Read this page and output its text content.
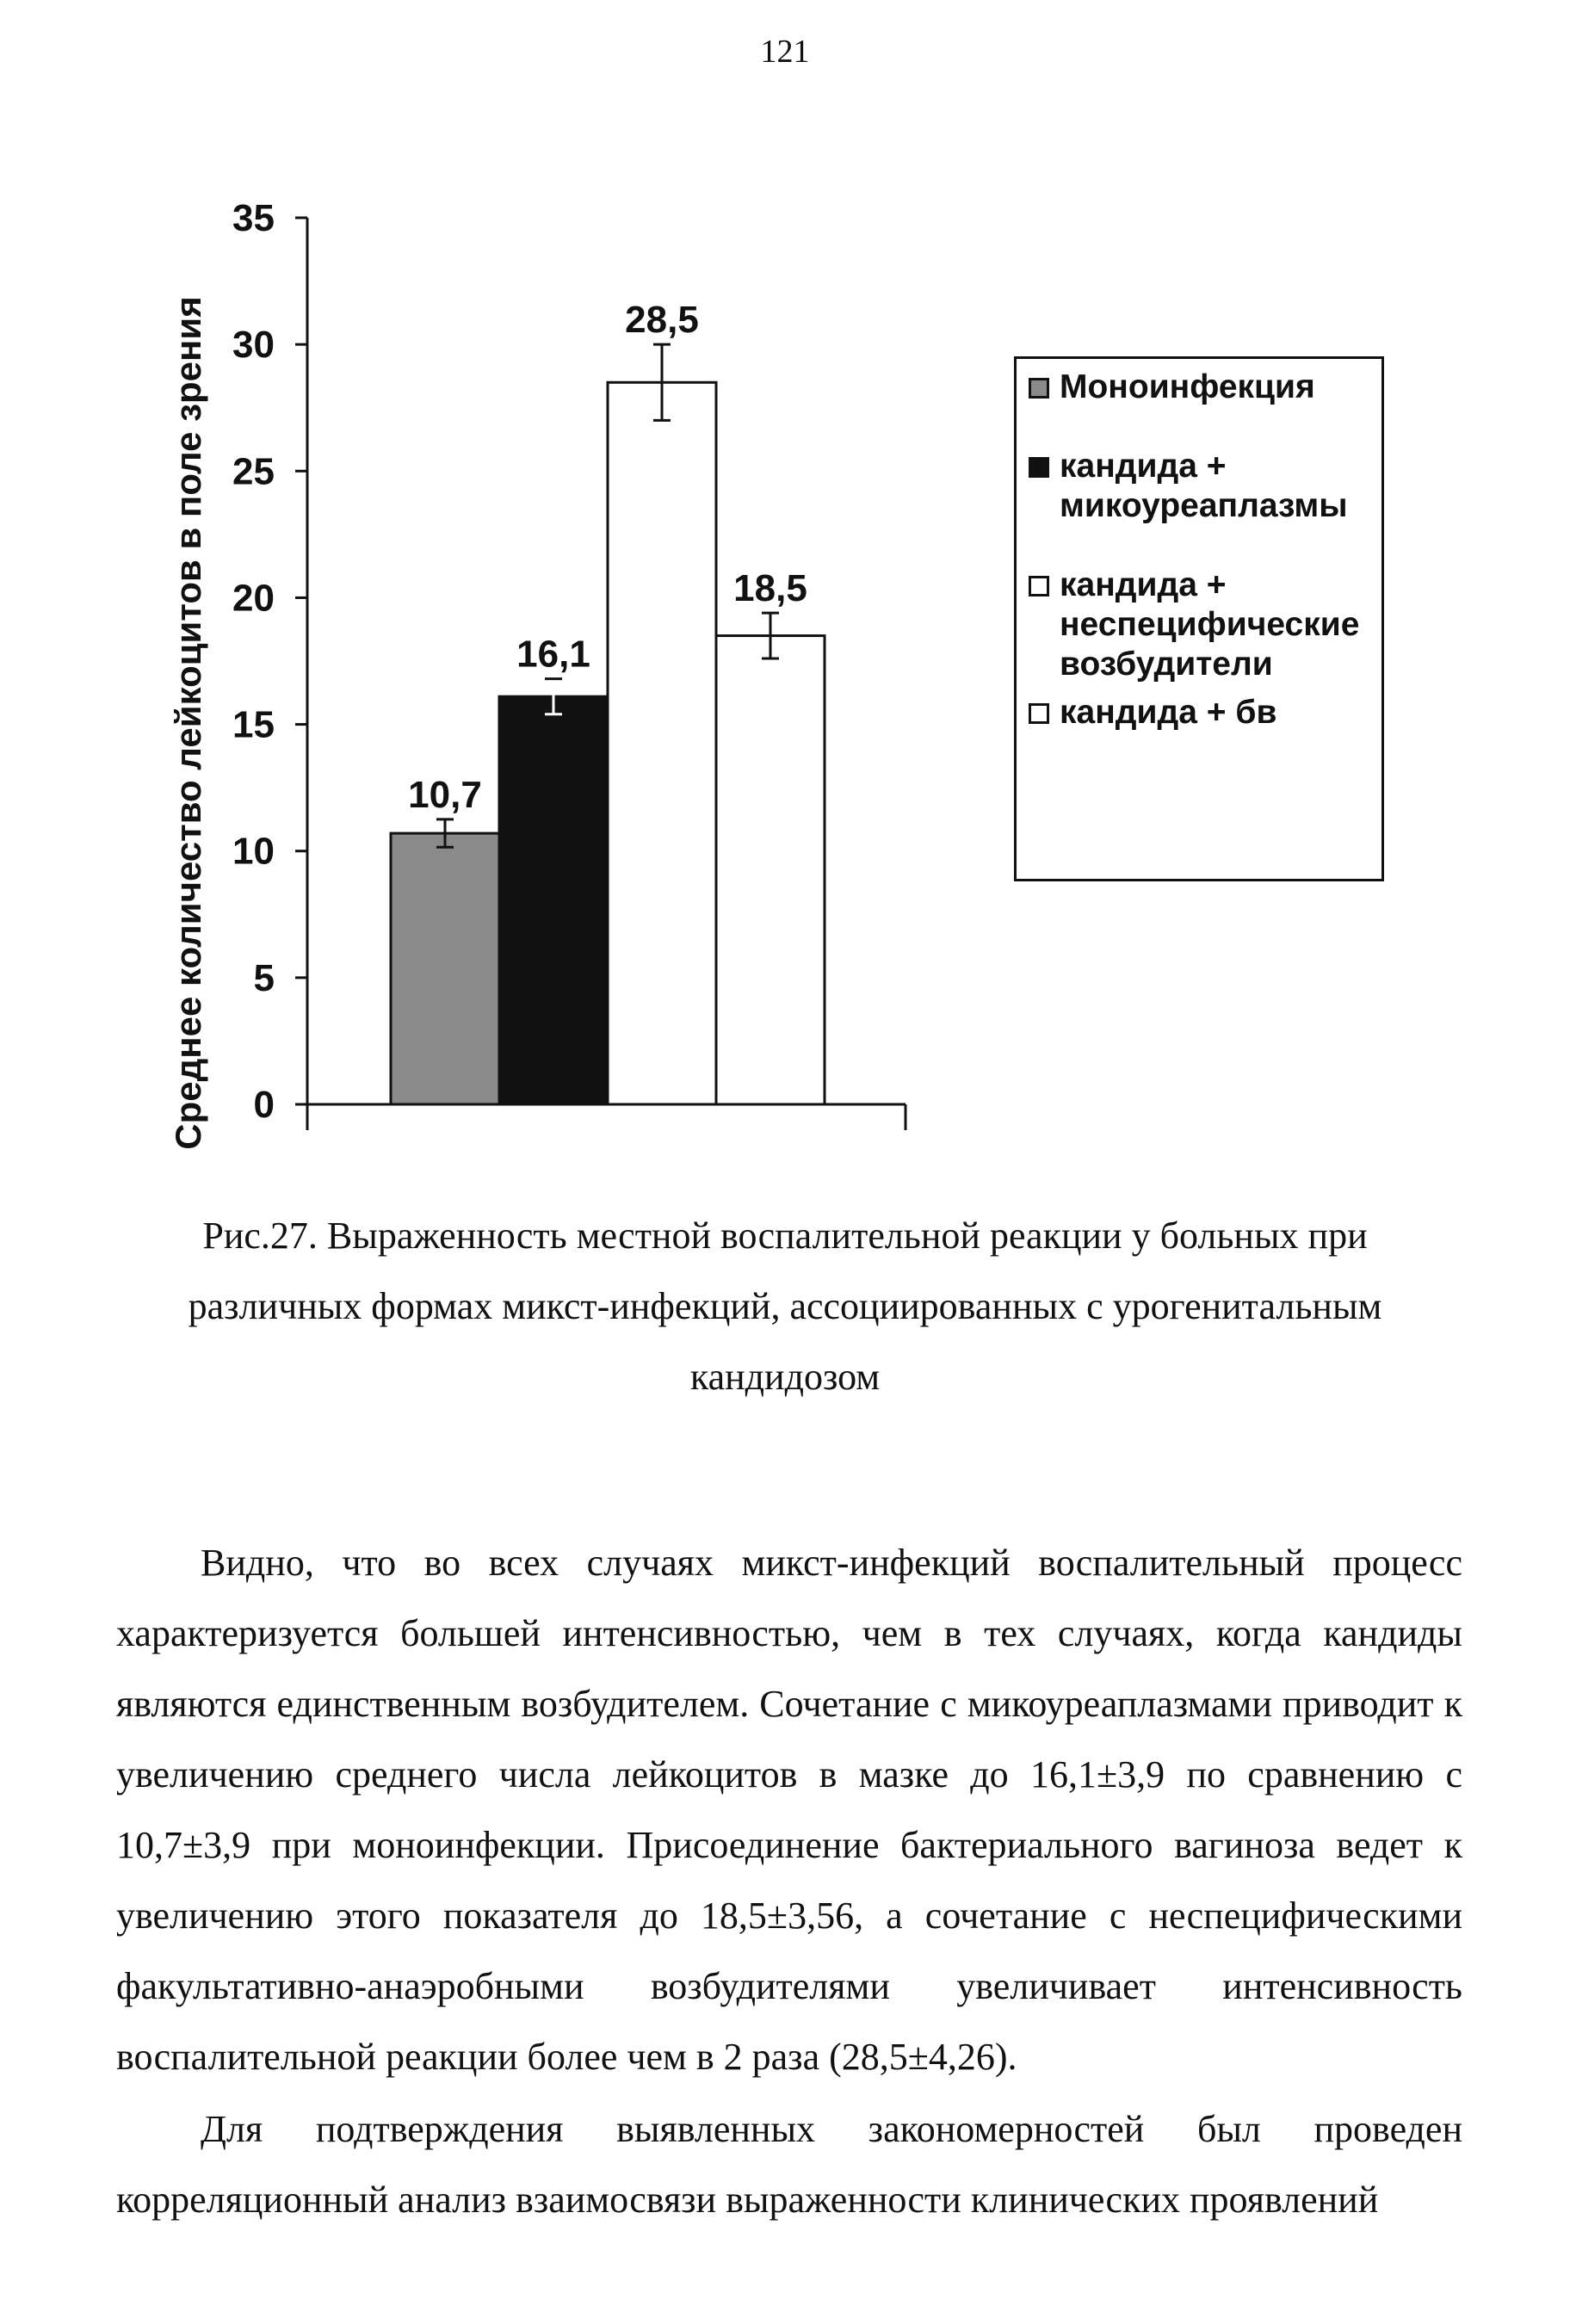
121
Среднее количество лейкоцитов в поле зрения 0
5
10
15
20
25
30
35
10,7
16,1
28,5
18,5
Моноинфекция
кандида + микоуреаплазмы
кандида + неспецифические возбудители
кандида + бв
Рис.27. Выраженность местной воспалительной реакции у больных при
различных формах микст-инфекций, ассоциированных с урогенитальным
кандидозом

Видно, что во всех случаях микст-инфекций воспалительный процесс характеризуется большей интенсивностью, чем в тех случаях, когда кандиды являются единственным возбудителем. Сочетание с микоуреаплазмами приводит к увеличению среднего числа лейкоцитов в мазке до 16,1±3,9 по сравнению с 10,7±3,9 при моноинфекции. Присоединение бактериального вагиноза ведет к увеличению этого показателя до 18,5±3,56, а сочетание с неспецифическими факультативно-анаэробными возбудителями увеличивает интенсивность воспалительной реакции более чем в 2 раза (28,5±4,26).

Для подтверждения выявленных закономерностей был проведен корреляционный анализ взаимосвязи выраженности клинических проявлений
